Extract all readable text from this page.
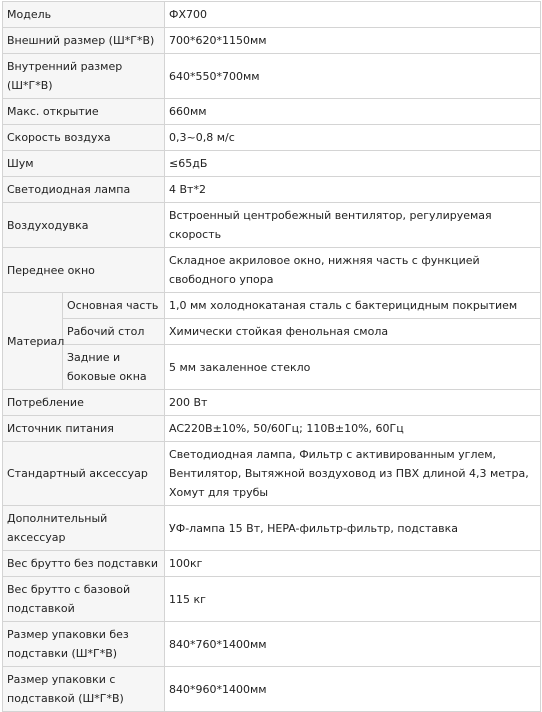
Модель		ФХ700
Внешний размер (Ш*Г*В)		700*620*1150мм
Внутренний размер (Ш*Г*В)		640*550*700мм
Макс. открытие		660мм
Скорость воздуха		0,3~0,8 м/с
Шум		≤65дБ
Светодиодная лампа		4 Вт*2
Воздуходувка		Встроенный центробежный вентилятор, регулируемая скорость
Переднее окно		Складное акриловое окно, нижняя часть с функцией свободного упора
Материал	Основная часть	1,0 мм холоднокатаная сталь с бактерицидным покрытием
	Рабочий стол	Химически стойкая фенольная смола
	Задние и боковые окна	5 мм закаленное стекло
Потребление		200 Вт
Источник питания		AC220В±10%, 50/60Гц; 110В±10%, 60Гц
Стандартный аксессуар		Светодиодная лампа, Фильтр с активированным углем, Вентилятор, Вытяжной воздуховод из ПВХ длиной 4,3 метра, Хомут для трубы
Дополнительный аксессуар		УФ-лампа 15 Вт, HEPA-фильтр-фильтр, подставка
Вес брутто без подставки		100кг
Вес брутто с базовой подставкой		115 кг
Размер упаковки без подставки (Ш*Г*В)		840*760*1400мм
Размер упаковки с подставкой (Ш*Г*В)		840*960*1400мм
